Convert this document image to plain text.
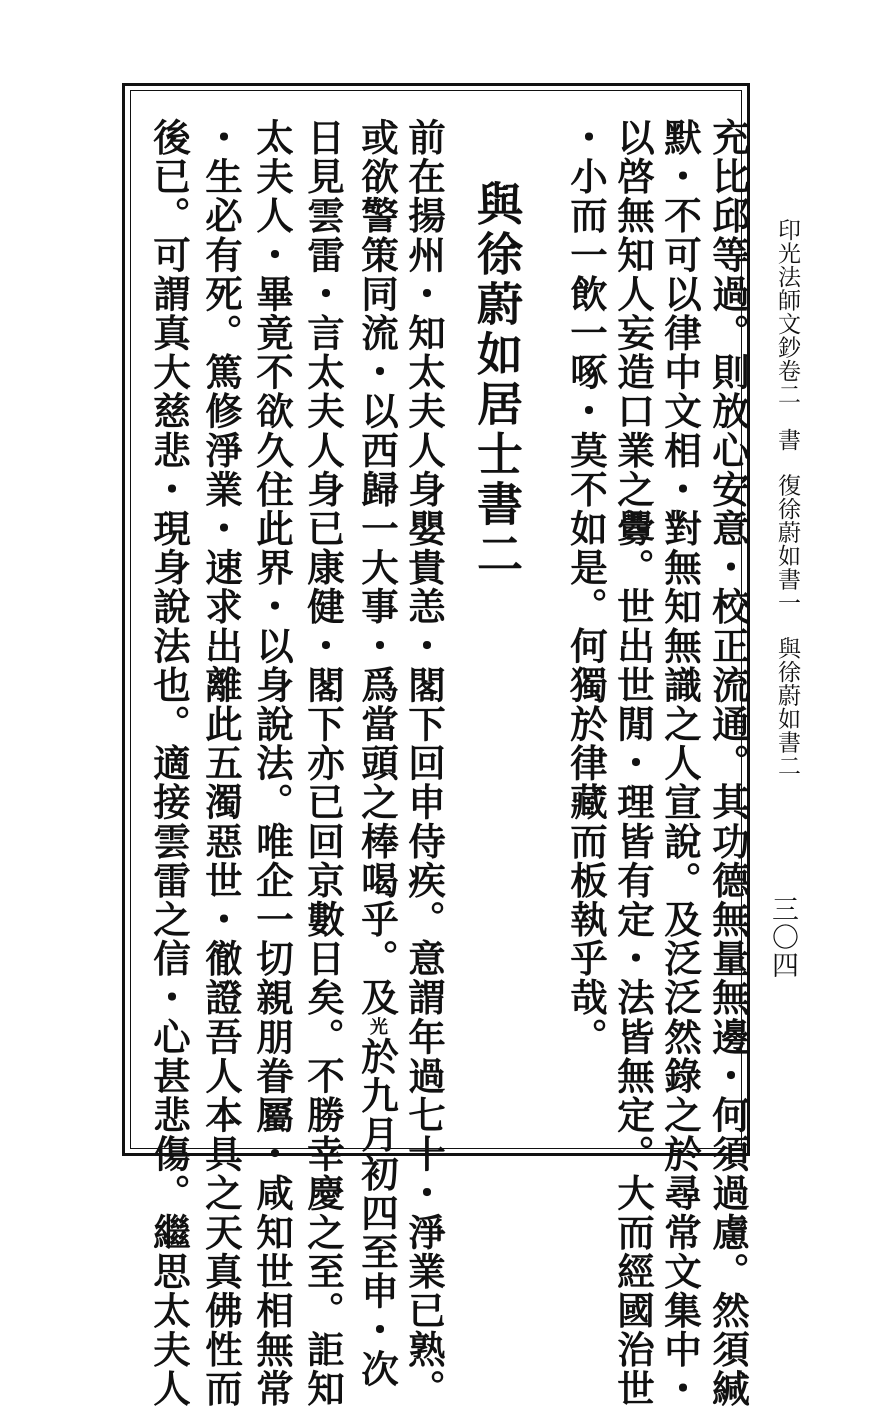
印光法師文鈔卷二書復徐蔚如書一與徐蔚如書二
三〇四

充比邱等過。則放心安意・校正流通。其功德無量無邊・何須過慮。然須緘

默・不可以律中文相・對無知無識之人宣說。及泛泛然錄之於尋常文集中・

以啓無知人妄造口業之釁。世出世閒・理皆有定・法皆無定。大而經國治世

・小而一飲一啄・莫不如是。何獨於律藏而板執乎哉。

與徐蔚如居士書二

前在揚州・知太夫人身嬰貴恙・閣下回申侍疾。意謂年過七十・淨業已熟。

或欲警策同流・以西歸一大事・爲當頭之棒喝乎。及光於九月初四至申・次

日見雲雷・言太夫人身已康健・閣下亦已回京數日矣。不勝幸慶之至。詎知

太夫人・畢竟不欲久住此界・以身說法。唯企一切親朋眷屬・咸知世相無常

・生必有死。篤修淨業・速求出離此五濁惡世・徹證吾人本具之天真佛性而

後已。可謂真大慈悲・現身說法也。適接雲雷之信・心甚悲傷。繼思太夫人
